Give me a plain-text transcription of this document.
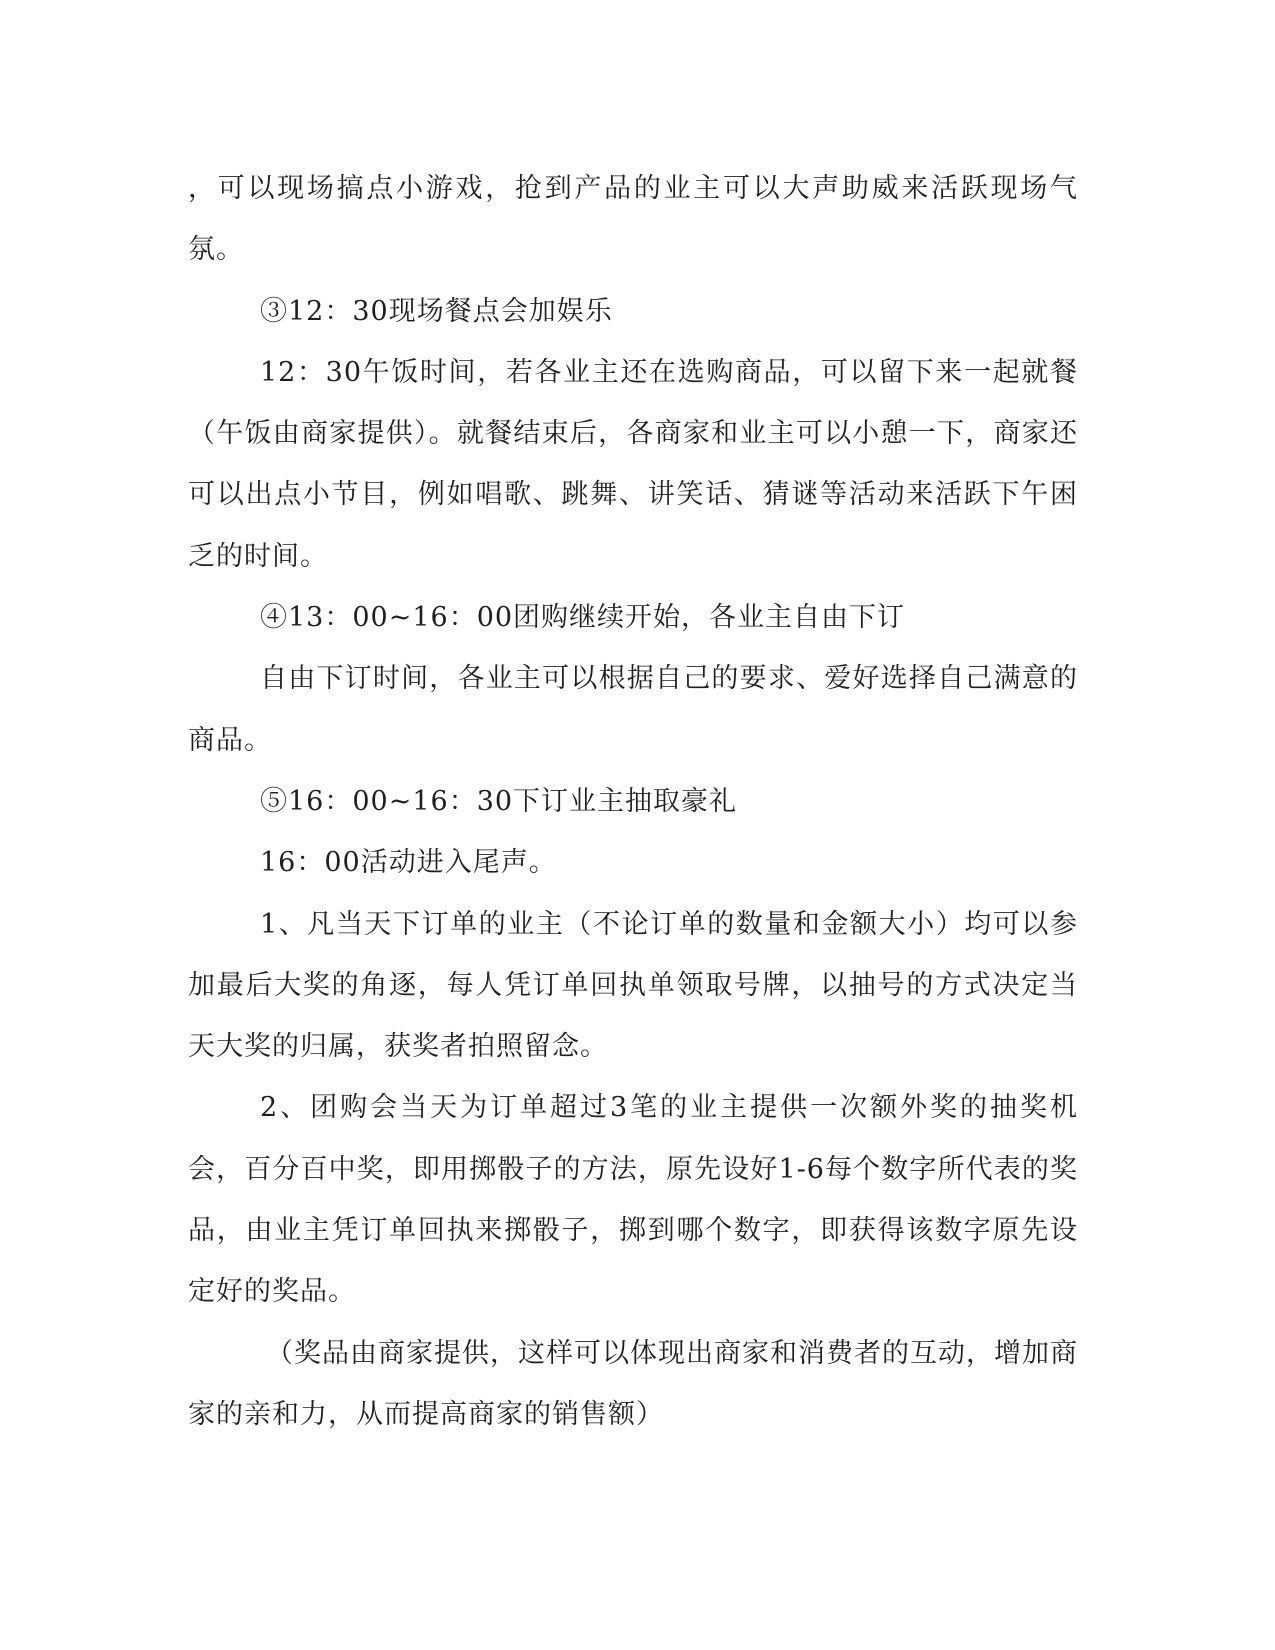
，可以现场搞点小游戏，抢到产品的业主可以大声助威来活跃现场气氛。

③12：30现场餐点会加娱乐

12：30午饭时间，若各业主还在选购商品，可以留下来一起就餐（午饭由商家提供）。就餐结束后，各商家和业主可以小憩一下，商家还可以出点小节目，例如唱歌、跳舞、讲笑话、猜谜等活动来活跃下午困乏的时间。

④13：00~16：00团购继续开始，各业主自由下订

自由下订时间，各业主可以根据自己的要求、爱好选择自己满意的商品。

⑤16：00~16：30下订业主抽取豪礼

16：00活动进入尾声。

1、凡当天下订单的业主（不论订单的数量和金额大小）均可以参加最后大奖的角逐，每人凭订单回执单领取号牌，以抽号的方式决定当天大奖的归属，获奖者拍照留念。

2、团购会当天为订单超过3笔的业主提供一次额外奖的抽奖机会，百分百中奖，即用掷骰子的方法，原先设好1-6每个数字所代表的奖品，由业主凭订单回执来掷骰子，掷到哪个数字，即获得该数字原先设定好的奖品。

（奖品由商家提供，这样可以体现出商家和消费者的互动，增加商家的亲和力，从而提高商家的销售额）
